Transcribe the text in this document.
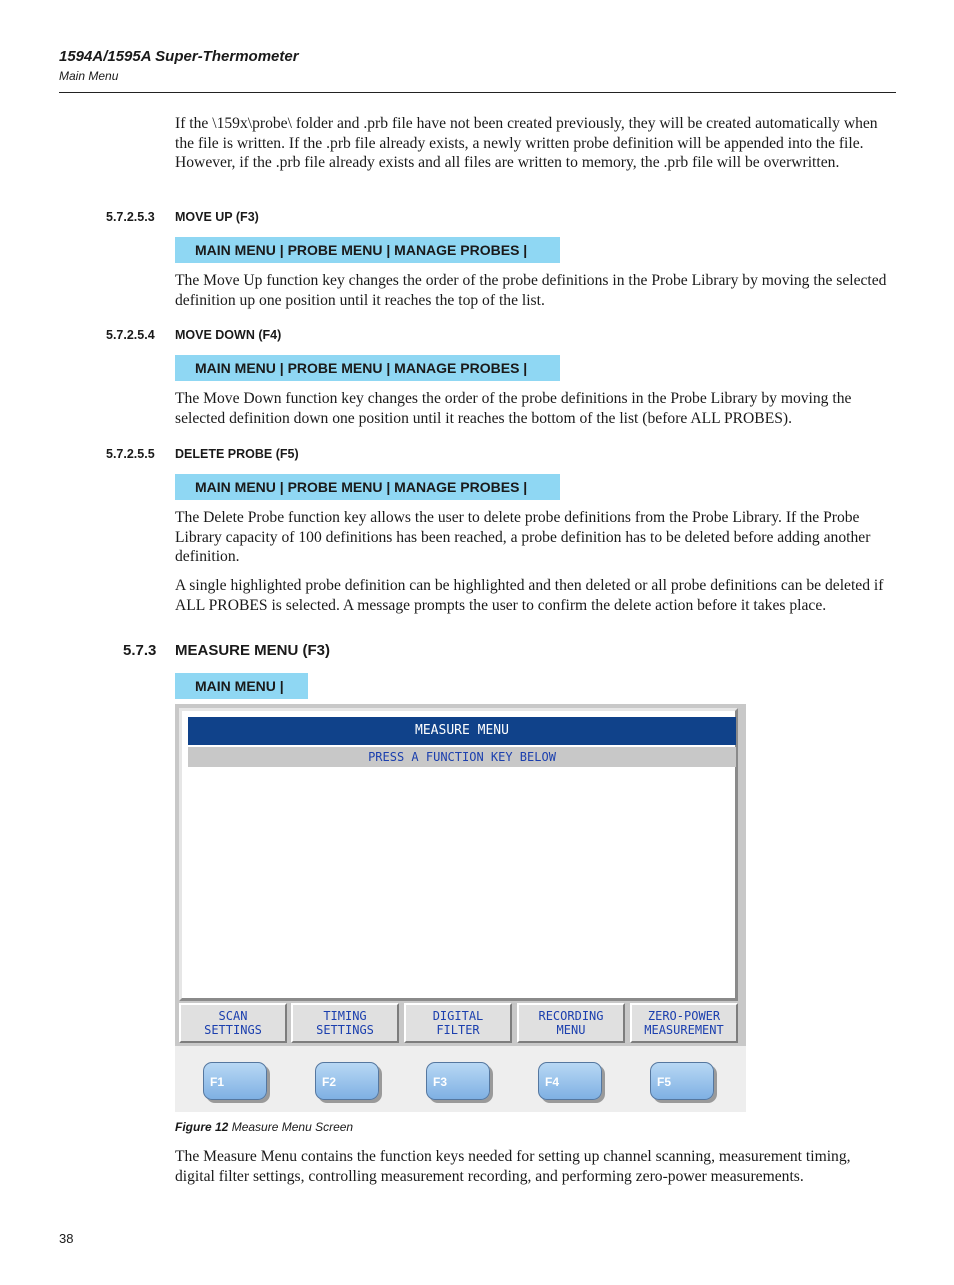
1594A/1595A Super-Thermometer
Main Menu
If the \159x\probe\ folder and .prb file have not been created previously, they will be created automatically when the file is written. If the .prb file already exists, a newly written probe definition will be appended into the file. However, if the .prb file already exists and all files are written to memory, the .prb file will be overwritten.
5.7.2.5.3 MOVE UP (F3)
MAIN MENU | PROBE MENU | MANAGE PROBES |
The Move Up function key changes the order of the probe definitions in the Probe Library by moving the selected definition up one position until it reaches the top of the list.
5.7.2.5.4 MOVE DOWN (F4)
MAIN MENU | PROBE MENU | MANAGE PROBES |
The Move Down function key changes the order of the probe definitions in the Probe Library by moving the selected definition down one position until it reaches the bottom of the list (before ALL PROBES).
5.7.2.5.5 DELETE PROBE (F5)
MAIN MENU | PROBE MENU | MANAGE PROBES |
The Delete Probe function key allows the user to delete probe definitions from the Probe Library. If the Probe Library capacity of 100 definitions has been reached, a probe definition has to be deleted before adding another definition.
A single highlighted probe definition can be highlighted and then deleted or all probe definitions can be deleted if ALL PROBES is selected. A message prompts the user to confirm the delete action before it takes place.
5.7.3 MEASURE MENU (F3)
MAIN MENU |
MEASURE MENU
PRESS A FUNCTION KEY BELOW
SCAN
SETTINGS
TIMING
SETTINGS
DIGITAL
FILTER
RECORDING
MENU
ZERO-POWER
MEASUREMENT
F1	F2	F3	F4	F5
Figure 12 Measure Menu Screen
The Measure Menu contains the function keys needed for setting up channel scanning, measurement timing, digital filter settings, controlling measurement recording, and performing zero-power measurements.
38
